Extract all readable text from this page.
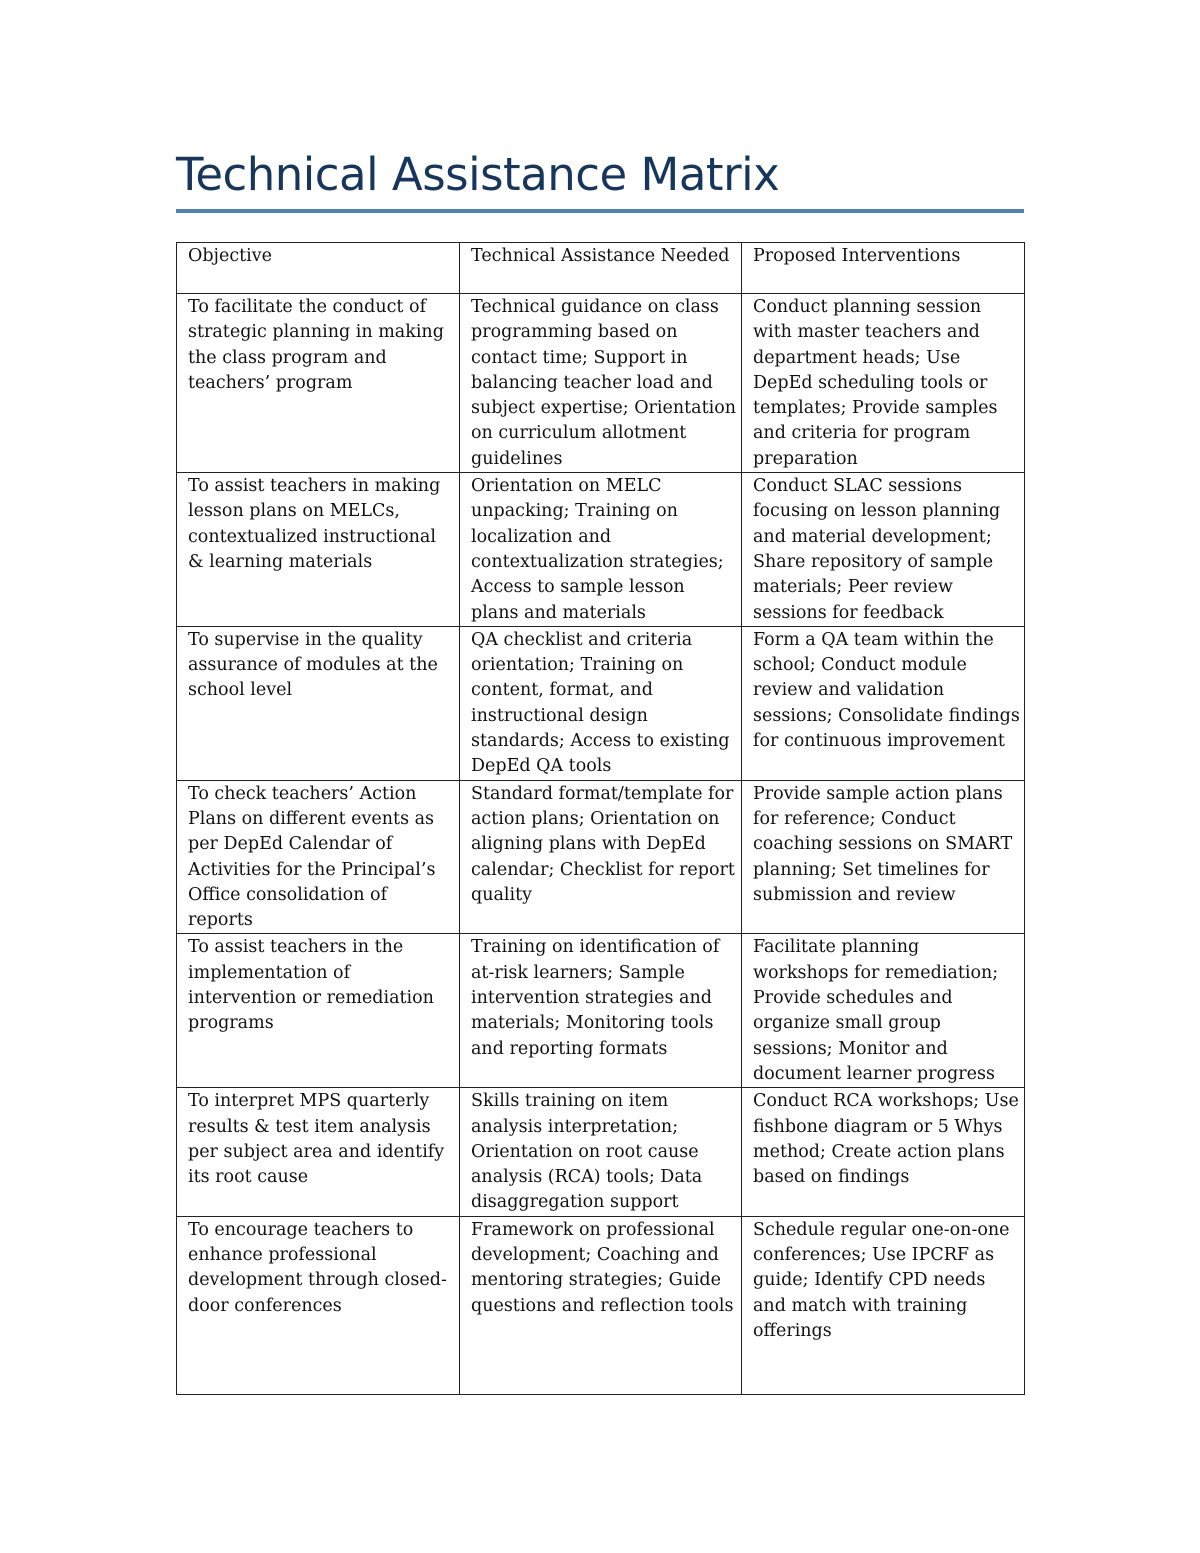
Technical Assistance Matrix
Objective	Technical Assistance Needed	Proposed Interventions
To facilitate the conduct of strategic planning in making the class program and teachers’ program	Technical guidance on class programming based on contact time; Support in balancing teacher load and subject expertise; Orientation on curriculum allotment guidelines	Conduct planning session with master teachers and department heads; Use DepEd scheduling tools or templates; Provide samples and criteria for program preparation
To assist teachers in making lesson plans on MELCs, contextualized instructional & learning materials	Orientation on MELC unpacking; Training on localization and contextualization strategies; Access to sample lesson plans and materials	Conduct SLAC sessions focusing on lesson planning and material development; Share repository of sample materials; Peer review sessions for feedback
To supervise in the quality assurance of modules at the school level	QA checklist and criteria orientation; Training on content, format, and instructional design standards; Access to existing DepEd QA tools	Form a QA team within the school; Conduct module review and validation sessions; Consolidate findings for continuous improvement
To check teachers’ Action Plans on different events as per DepEd Calendar of Activities for the Principal’s Office consolidation of reports	Standard format/template for action plans; Orientation on aligning plans with DepEd calendar; Checklist for report quality	Provide sample action plans for reference; Conduct coaching sessions on SMART planning; Set timelines for submission and review
To assist teachers in the implementation of intervention or remediation programs	Training on identification of at-risk learners; Sample intervention strategies and materials; Monitoring tools and reporting formats	Facilitate planning workshops for remediation; Provide schedules and organize small group sessions; Monitor and document learner progress
To interpret MPS quarterly results & test item analysis per subject area and identify its root cause	Skills training on item analysis interpretation; Orientation on root cause analysis (RCA) tools; Data disaggregation support	Conduct RCA workshops; Use fishbone diagram or 5 Whys method; Create action plans based on findings
To encourage teachers to enhance professional development through closed-door conferences	Framework on professional development; Coaching and mentoring strategies; Guide questions and reflection tools	Schedule regular one-on-one conferences; Use IPCRF as guide; Identify CPD needs and match with training offerings
